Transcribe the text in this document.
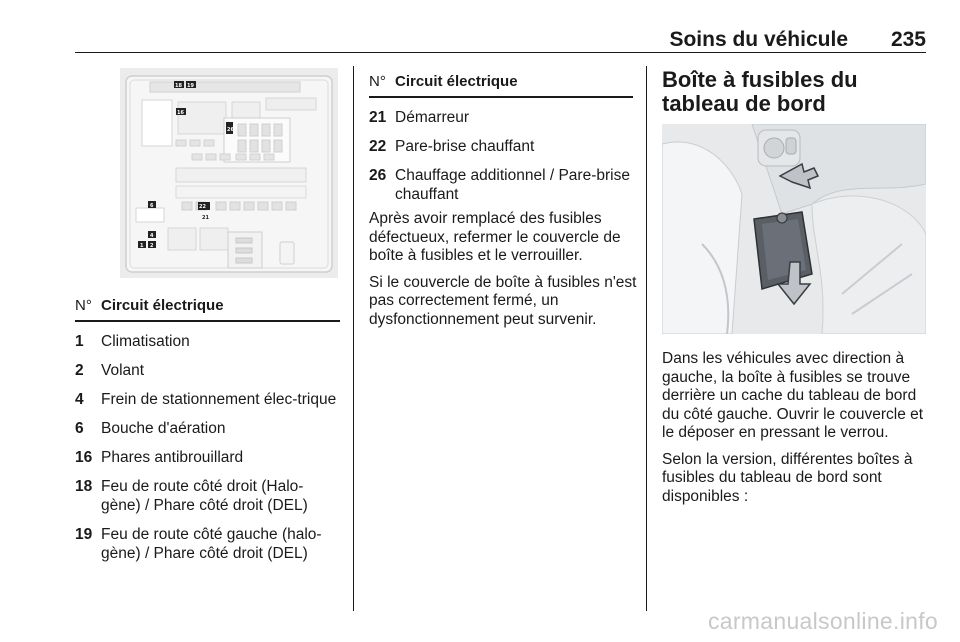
Soins du véhicule 235
18 19
16
26
6	22
21
4
1 2
N° Circuit électrique
1	Climatisation
2	Volant
4	Frein de stationnement élec-trique
6	Bouche d'aération
16 Phares antibrouillard
18 Feu de route côté droit (Halo-gène) / Phare côté droit (DEL)
19 Feu de route côté gauche (halo-gène) / Phare côté droit (DEL)
N° Circuit électrique
21 Démarreur
22 Pare-brise chauffant
26 Chauffage additionnel / Pare-brise chauffant

Après avoir remplacé des fusibles défectueux, refermer le couvercle de boîte à fusibles et le verrouiller.

Si le couvercle de boîte à fusibles n'est pas correctement fermé, un dysfonctionnement peut survenir.

Boîte à fusibles du tableau de bord

Dans les véhicules avec direction à gauche, la boîte à fusibles se trouve derrière un cache du tableau de bord du côté gauche. Ouvrir le couvercle et le déposer en pressant le verrou.

Selon la version, différentes boîtes à fusibles du tableau de bord sont disponibles :

carmanualsonline.info
